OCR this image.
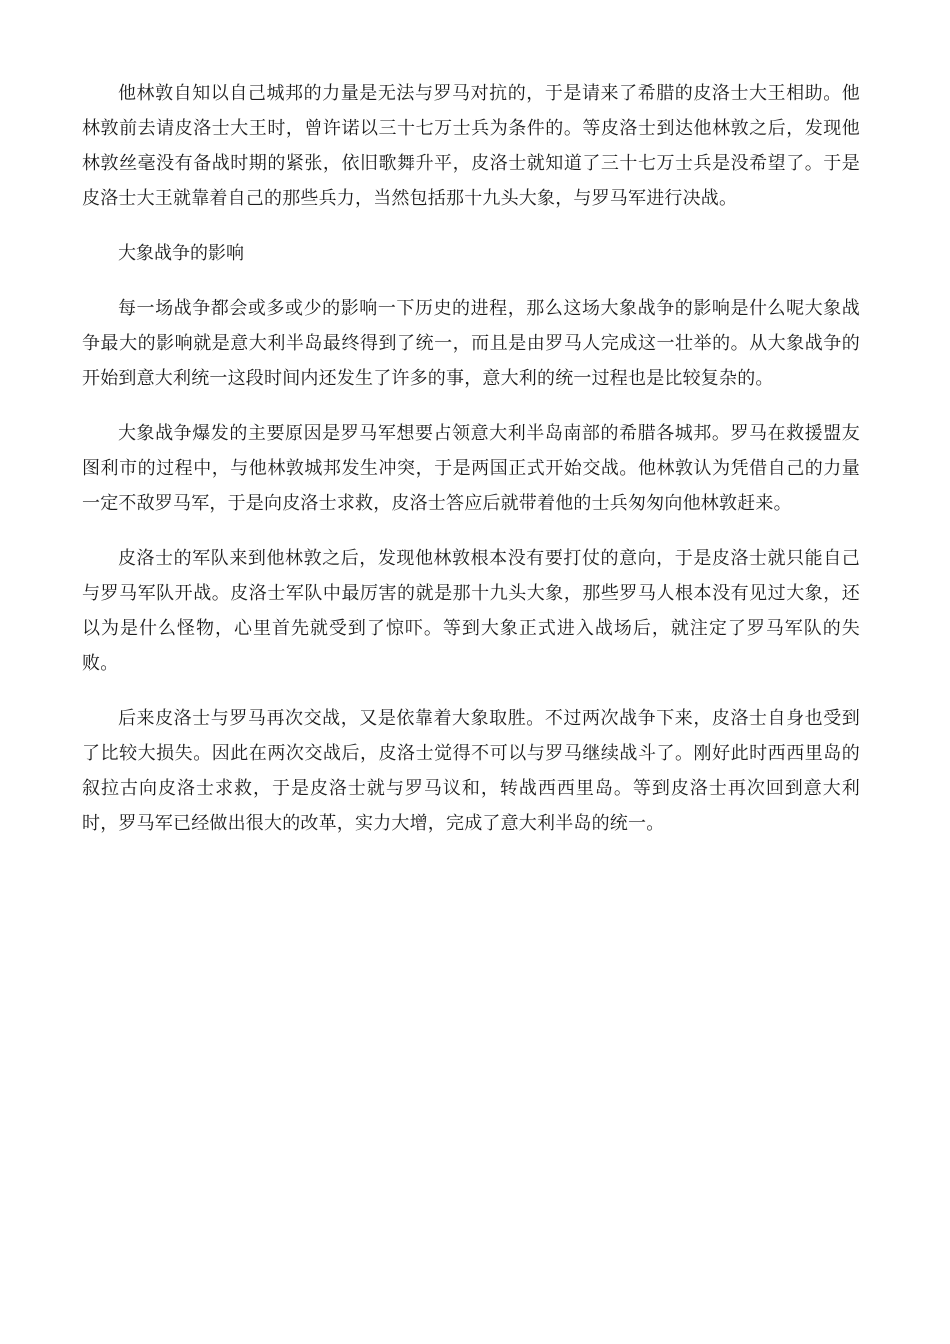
他林敦自知以自己城邦的力量是无法与罗马对抗的，于是请来了希腊的皮洛士大王相助。他林敦前去请皮洛士大王时，曾许诺以三十七万士兵为条件的。等皮洛士到达他林敦之后，发现他林敦丝毫没有备战时期的紧张，依旧歌舞升平，皮洛士就知道了三十七万士兵是没希望了。于是皮洛士大王就靠着自己的那些兵力，当然包括那十九头大象，与罗马军进行决战。

大象战争的影响

每一场战争都会或多或少的影响一下历史的进程，那么这场大象战争的影响是什么呢大象战争最大的影响就是意大利半岛最终得到了统一，而且是由罗马人完成这一壮举的。从大象战争的开始到意大利统一这段时间内还发生了许多的事，意大利的统一过程也是比较复杂的。

大象战争爆发的主要原因是罗马军想要占领意大利半岛南部的希腊各城邦。罗马在救援盟友图利市的过程中，与他林敦城邦发生冲突，于是两国正式开始交战。他林敦认为凭借自己的力量一定不敌罗马军，于是向皮洛士求救，皮洛士答应后就带着他的士兵匆匆向他林敦赶来。

皮洛士的军队来到他林敦之后，发现他林敦根本没有要打仗的意向，于是皮洛士就只能自己与罗马军队开战。皮洛士军队中最厉害的就是那十九头大象，那些罗马人根本没有见过大象，还以为是什么怪物，心里首先就受到了惊吓。等到大象正式进入战场后，就注定了罗马军队的失败。

后来皮洛士与罗马再次交战，又是依靠着大象取胜。不过两次战争下来，皮洛士自身也受到了比较大损失。因此在两次交战后，皮洛士觉得不可以与罗马继续战斗了。刚好此时西西里岛的叙拉古向皮洛士求救，于是皮洛士就与罗马议和，转战西西里岛。等到皮洛士再次回到意大利时，罗马军已经做出很大的改革，实力大增，完成了意大利半岛的统一。
